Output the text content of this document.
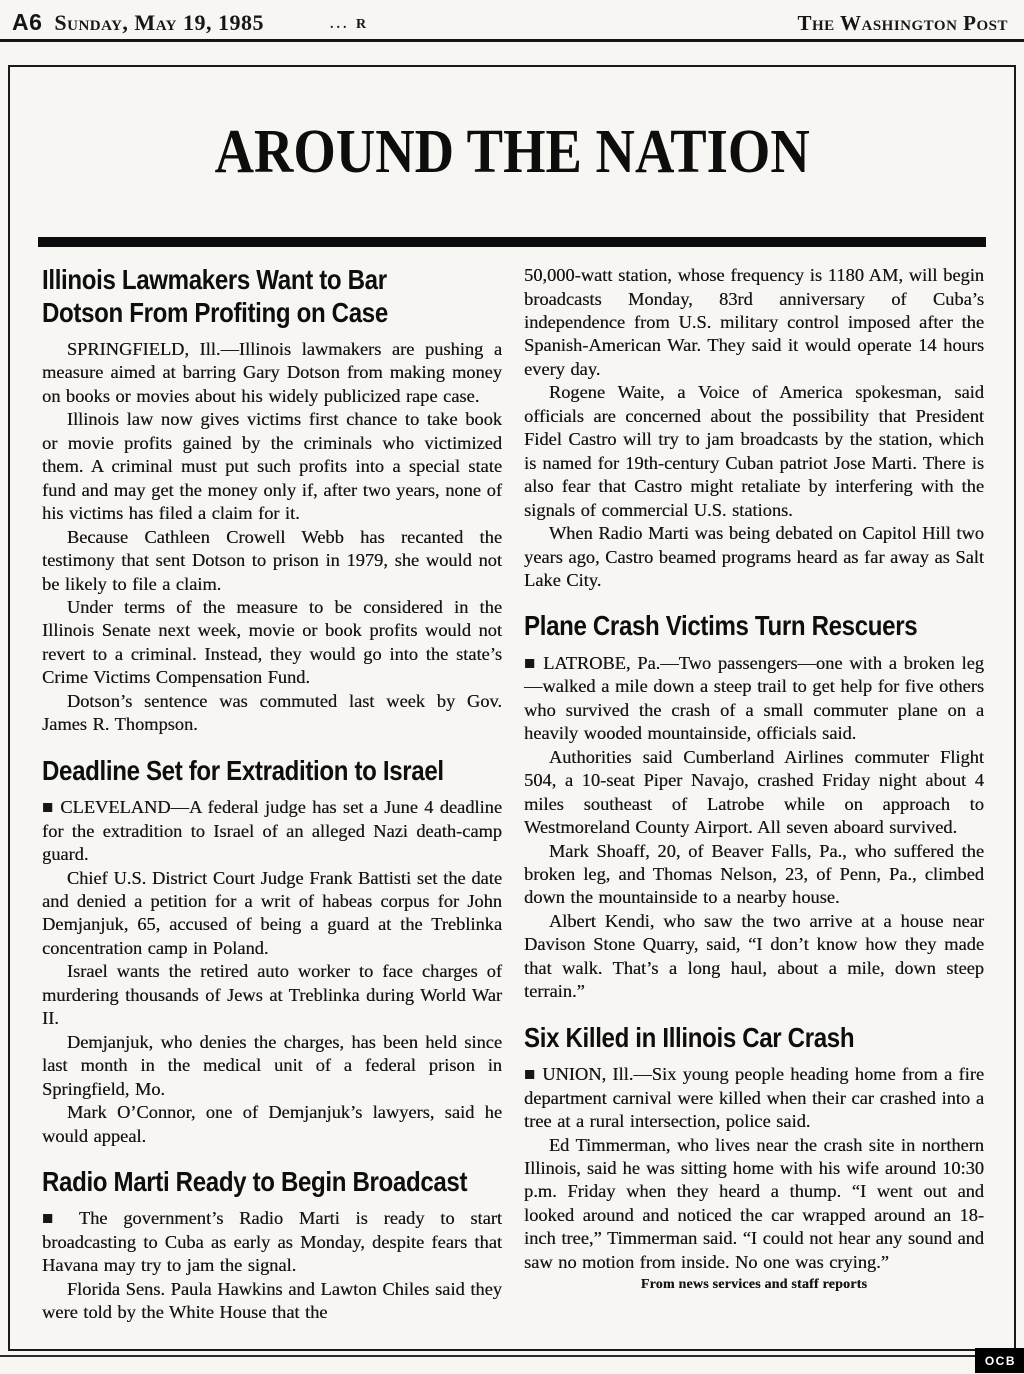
A6 Sunday, May 19, 1985	... R	The Washington Post
AROUND THE NATION
Illinois Lawmakers Want to Bar
Dotson From Profiting on Case

SPRINGFIELD, Ill.—Illinois lawmakers are pushing a measure aimed at barring Gary Dotson from making money on books or movies about his widely publicized rape case.

Illinois law now gives victims first chance to take book or movie profits gained by the criminals who victimized them. A criminal must put such profits into a special state fund and may get the money only if, after two years, none of his victims has filed a claim for it.

Because Cathleen Crowell Webb has recanted the testimony that sent Dotson to prison in 1979, she would not be likely to file a claim.

Under terms of the measure to be considered in the Illinois Senate next week, movie or book profits would not revert to a criminal. Instead, they would go into the state’s Crime Victims Compensation Fund.

Dotson’s sentence was commuted last week by Gov. James R. Thompson.

Deadline Set for Extradition to Israel

■ CLEVELAND—A federal judge has set a June 4 deadline for the extradition to Israel of an alleged Nazi death-camp guard.

Chief U.S. District Court Judge Frank Battisti set the date and denied a petition for a writ of habeas corpus for John Demjanjuk, 65, accused of being a guard at the Treblinka concentration camp in Poland.

Israel wants the retired auto worker to face charges of murdering thousands of Jews at Treblinka during World War II.

Demjanjuk, who denies the charges, has been held since last month in the medical unit of a federal prison in Springfield, Mo.

Mark O’Connor, one of Demjanjuk’s lawyers, said he would appeal.

Radio Marti Ready to Begin Broadcast

■ The government’s Radio Marti is ready to start broadcasting to Cuba as early as Monday, despite fears that Havana may try to jam the signal.

Florida Sens. Paula Hawkins and Lawton Chiles said they were told by the White House that the

50,000-watt station, whose frequency is 1180 AM, will begin broadcasts Monday, 83rd anniversary of Cuba’s independence from U.S. military control imposed after the Spanish-American War. They said it would operate 14 hours every day.

Rogene Waite, a Voice of America spokesman, said officials are concerned about the possibility that President Fidel Castro will try to jam broadcasts by the station, which is named for 19th-century Cuban patriot Jose Marti. There is also fear that Castro might retaliate by interfering with the signals of commercial U.S. stations.

When Radio Marti was being debated on Capitol Hill two years ago, Castro beamed programs heard as far away as Salt Lake City.

Plane Crash Victims Turn Rescuers

■ LATROBE, Pa.—Two passengers—one with a broken leg—walked a mile down a steep trail to get help for five others who survived the crash of a small commuter plane on a heavily wooded mountainside, officials said.

Authorities said Cumberland Airlines commuter Flight 504, a 10-seat Piper Navajo, crashed Friday night about 4 miles southeast of Latrobe while on approach to Westmoreland County Airport. All seven aboard survived.

Mark Shoaff, 20, of Beaver Falls, Pa., who suffered the broken leg, and Thomas Nelson, 23, of Penn, Pa., climbed down the mountainside to a nearby house.

Albert Kendi, who saw the two arrive at a house near Davison Stone Quarry, said, “I don’t know how they made that walk. That’s a long haul, about a mile, down steep terrain.”

Six Killed in Illinois Car Crash

■ UNION, Ill.—Six young people heading home from a fire department carnival were killed when their car crashed into a tree at a rural intersection, police said.

Ed Timmerman, who lives near the crash site in northern Illinois, said he was sitting home with his wife around 10:30 p.m. Friday when they heard a thump. “I went out and looked around and noticed the car wrapped around an 18-inch tree,” Timmerman said. “I could not hear any sound and saw no motion from inside. No one was crying.”

From news services and staff reports

OCB
